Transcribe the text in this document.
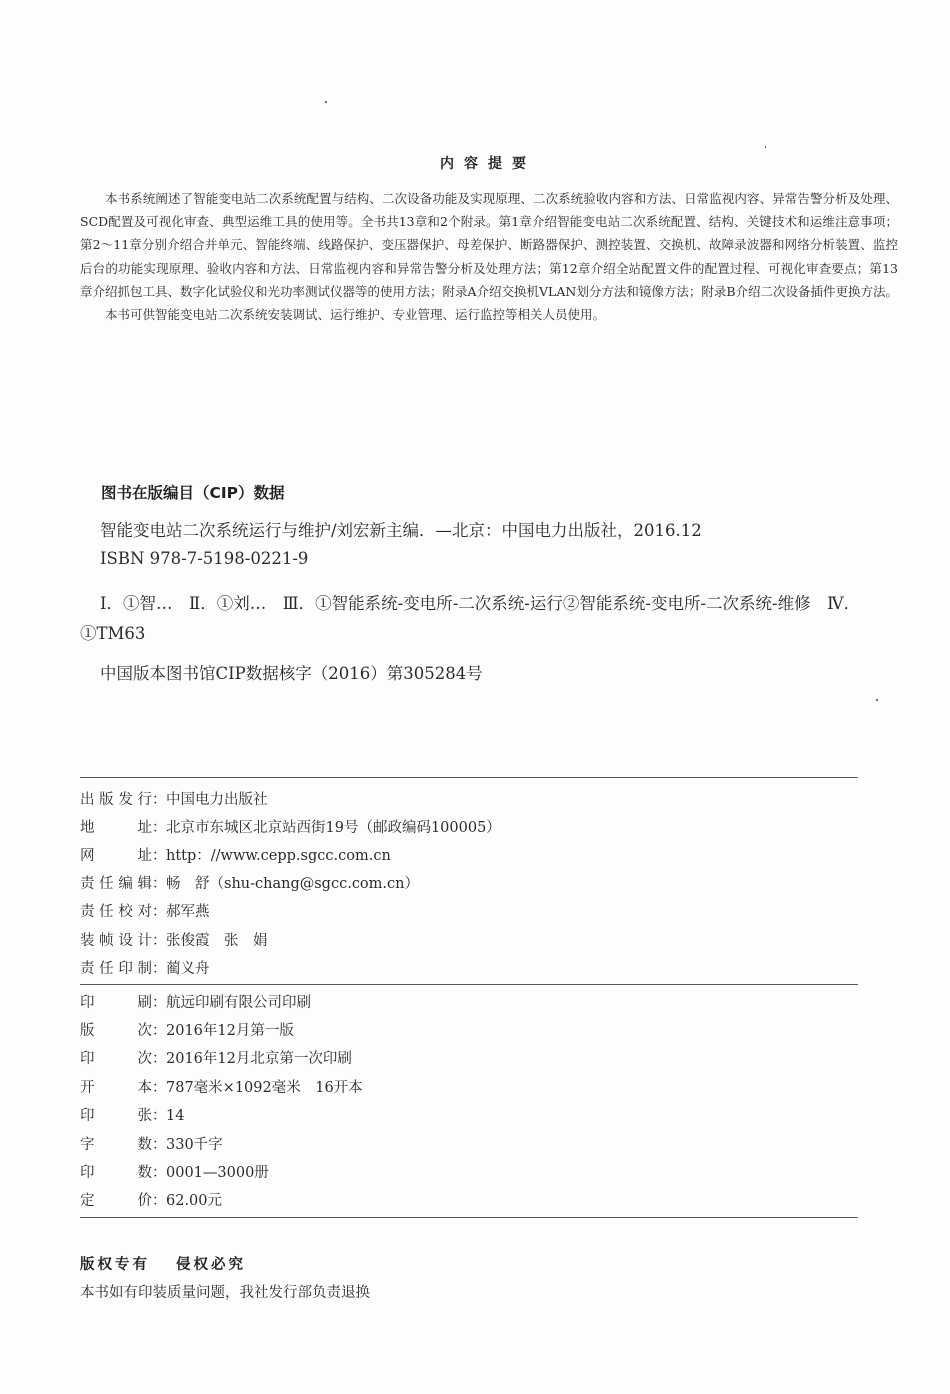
内容提要

本书系统阐述了智能变电站二次系统配置与结构、二次设备功能及实现原理、二次系统验收内容和方法、日常监视内容、异常告警分析及处理、SCD配置及可视化审查、典型运维工具的使用等。全书共13章和2个附录。第1章介绍智能变电站二次系统配置、结构、关键技术和运维注意事项；第2～11章分别介绍合并单元、智能终端、线路保护、变压器保护、母差保护、断路器保护、测控装置、交换机、故障录波器和网络分析装置、监控后台的功能实现原理、验收内容和方法、日常监视内容和异常告警分析及处理方法；第12章介绍全站配置文件的配置过程、可视化审查要点；第13章介绍抓包工具、数字化试验仪和光功率测试仪器等的使用方法；附录A介绍交换机VLAN划分方法和镜像方法；附录B介绍二次设备插件更换方法。

本书可供智能变电站二次系统安装调试、运行维护、专业管理、运行监控等相关人员使用。

图书在版编目（CIP）数据
智能变电站二次系统运行与维护/刘宏新主编．—北京：中国电力出版社，2016.12
ISBN 978-7-5198-0221-9
Ⅰ．①智…　Ⅱ．①刘…　Ⅲ．①智能系统-变电所-二次系统-运行②智能系统-变电所-二次系统-维修　Ⅳ．①TM63
中国版本图书馆CIP数据核字（2016）第305284号
出版发行：中国电力出版社
地址：北京市东城区北京站西街19号（邮政编码100005）
网址：http：//www.cepp.sgcc.com.cn
责任编辑：畅　舒（shu-chang@sgcc.com.cn）
责任校对：郝军燕
装帧设计：张俊霞　张　娟
责任印制：蔺义舟
印刷：航远印刷有限公司印刷
版次：2016年12月第一版
印次：2016年12月北京第一次印刷
开本：787毫米×1092毫米　16开本
印张：14
字数：330千字
印数：0001—3000册
定价：62.00元
版权专有 侵权必究
本书如有印装质量问题，我社发行部负责退换
